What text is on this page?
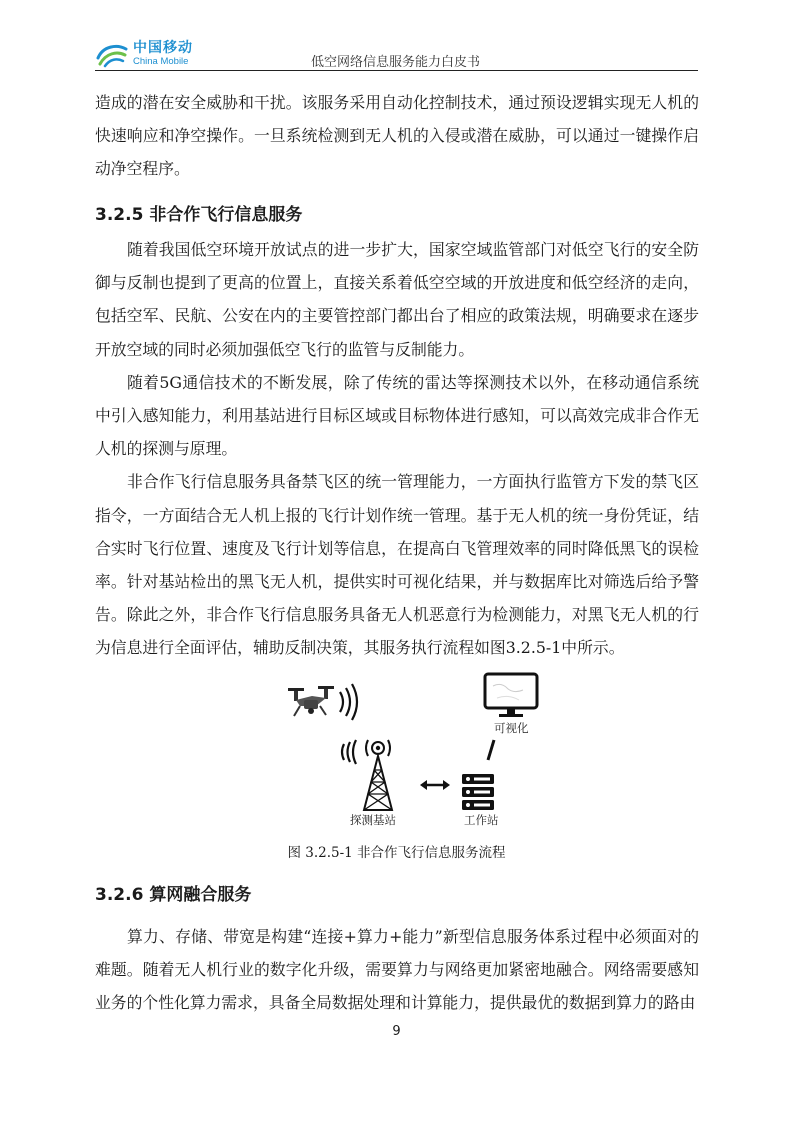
中国移动
China Mobile	低空网络信息服务能力白皮书

造成的潜在安全威胁和干扰。该服务采用自动化控制技术，通过预设逻辑实现无人机的快速响应和净空操作。一旦系统检测到无人机的入侵或潜在威胁，可以通过一键操作启动净空程序。

3.2.5 非合作飞行信息服务

随着我国低空环境开放试点的进一步扩大，国家空域监管部门对低空飞行的安全防御与反制也提到了更高的位置上，直接关系着低空空域的开放进度和低空经济的走向，包括空军、民航、公安在内的主要管控部门都出台了相应的政策法规，明确要求在逐步开放空域的同时必须加强低空飞行的监管与反制能力。

随着5G通信技术的不断发展，除了传统的雷达等探测技术以外，在移动通信系统中引入感知能力，利用基站进行目标区域或目标物体进行感知，可以高效完成非合作无人机的探测与原理。

非合作飞行信息服务具备禁飞区的统一管理能力，一方面执行监管方下发的禁飞区指令，一方面结合无人机上报的飞行计划作统一管理。基于无人机的统一身份凭证，结合实时飞行位置、速度及飞行计划等信息，在提高白飞管理效率的同时降低黑飞的误检率。针对基站检出的黑飞无人机，提供实时可视化结果，并与数据库比对筛选后给予警告。除此之外，非合作飞行信息服务具备无人机恶意行为检测能力，对黑飞无人机的行为信息进行全面评估，辅助反制决策，其服务执行流程如图3.2.5-1中所示。

可视化
探测基站	工作站
图 3.2.5-1 非合作飞行信息服务流程
3.2.6 算网融合服务

算力、存储、带宽是构建“连接+算力+能力”新型信息服务体系过程中必须面对的难题。随着无人机行业的数字化升级，需要算力与网络更加紧密地融合。网络需要感知业务的个性化算力需求，具备全局数据处理和计算能力，提供最优的数据到算力的路由

9
